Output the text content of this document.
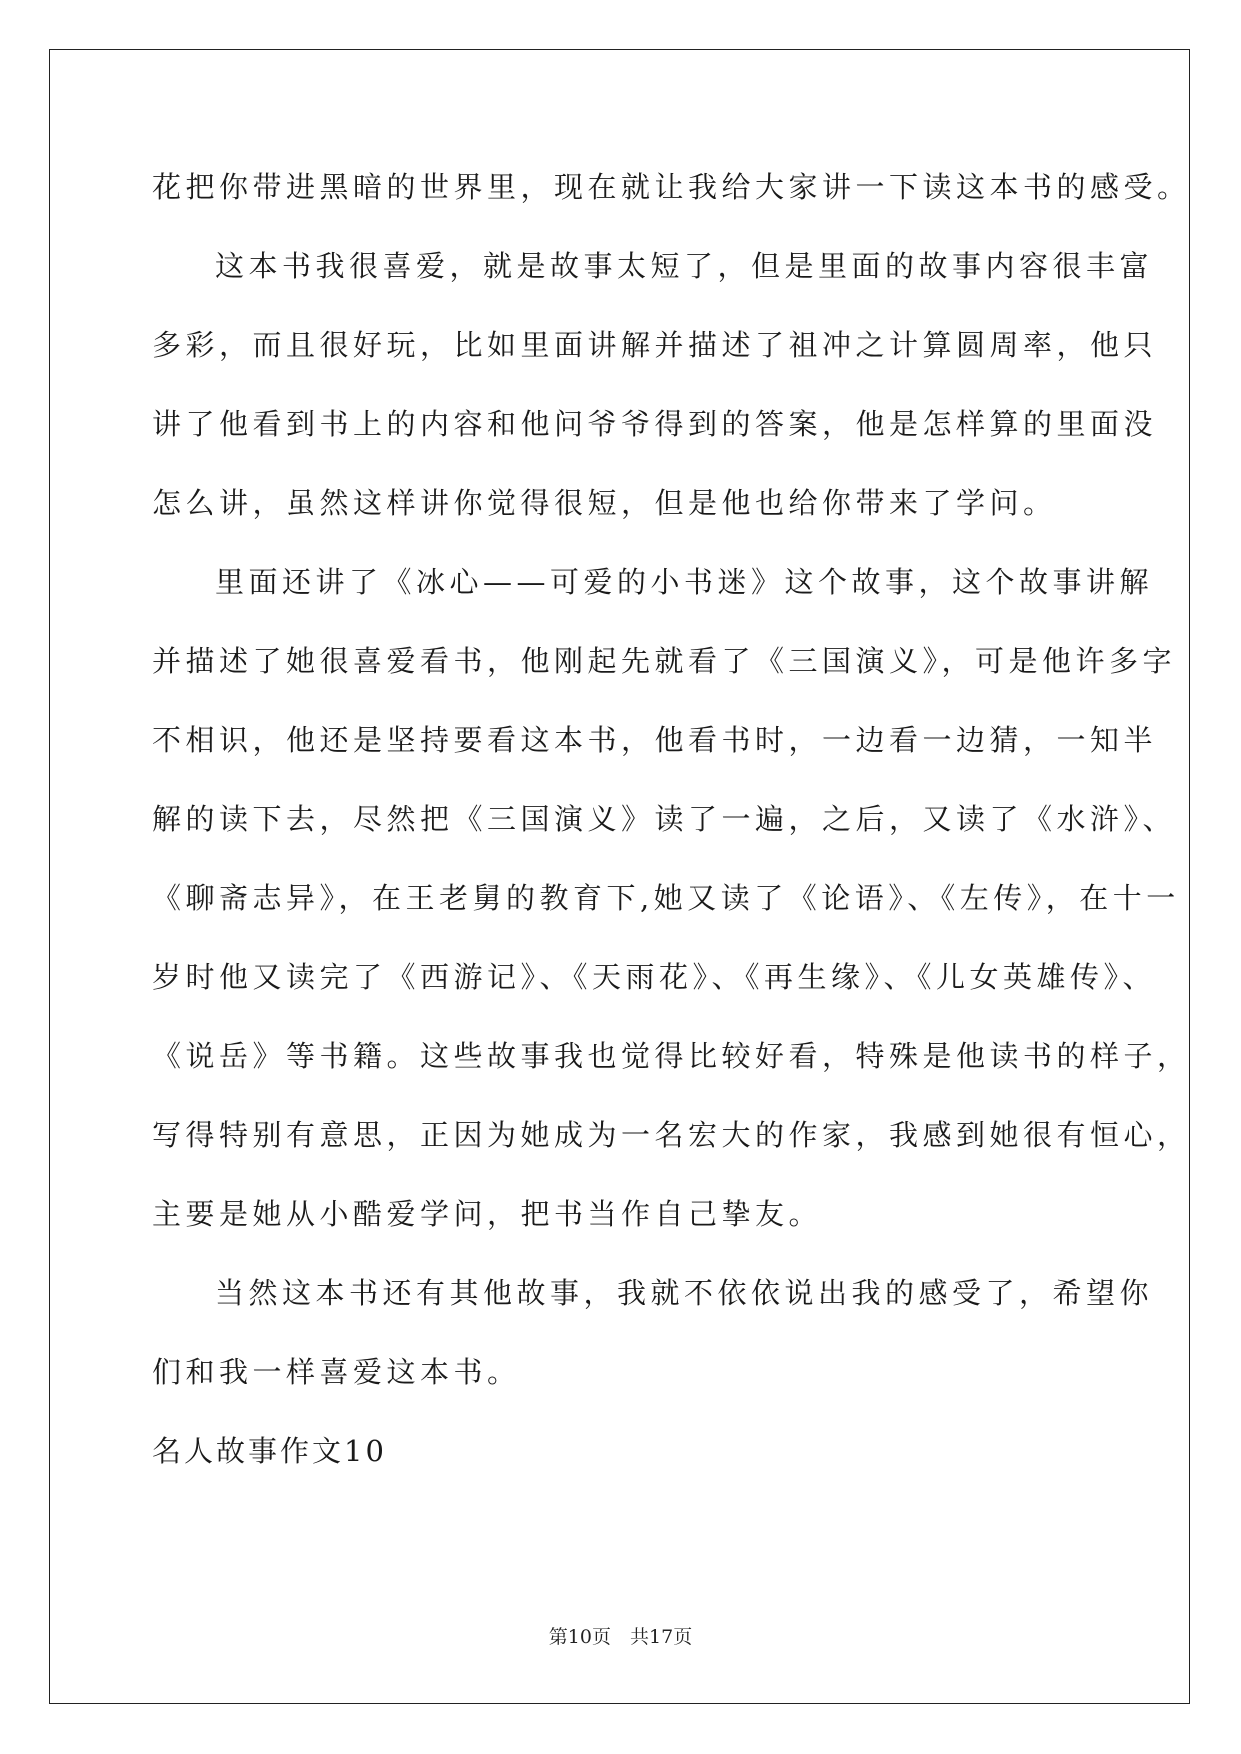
花把你带进黑暗的世界里，现在就让我给大家讲一下读这本书的感受。
这本书我很喜爱，就是故事太短了，但是里面的故事内容很丰富
多彩，而且很好玩，比如里面讲解并描述了祖冲之计算圆周率，他只
讲了他看到书上的内容和他问爷爷得到的答案，他是怎样算的里面没
怎么讲，虽然这样讲你觉得很短，但是他也给你带来了学问。
里面还讲了《冰心——可爱的小书迷》这个故事，这个故事讲解
并描述了她很喜爱看书，他刚起先就看了《三国演义》，可是他许多字
不相识，他还是坚持要看这本书，他看书时，一边看一边猜，一知半
解的读下去，尽然把《三国演义》读了一遍，之后，又读了《水浒》、
《聊斋志异》，在王老舅的教育下,她又读了《论语》、《左传》，在十一
岁时他又读完了《西游记》、《天雨花》、《再生缘》、《儿女英雄传》、
《说岳》等书籍。这些故事我也觉得比较好看，特殊是他读书的样子，
写得特别有意思，正因为她成为一名宏大的作家，我感到她很有恒心，
主要是她从小酷爱学问，把书当作自己挚友。
当然这本书还有其他故事，我就不依依说出我的感受了，希望你
们和我一样喜爱这本书。
名人故事作文10
第10页　共17页
